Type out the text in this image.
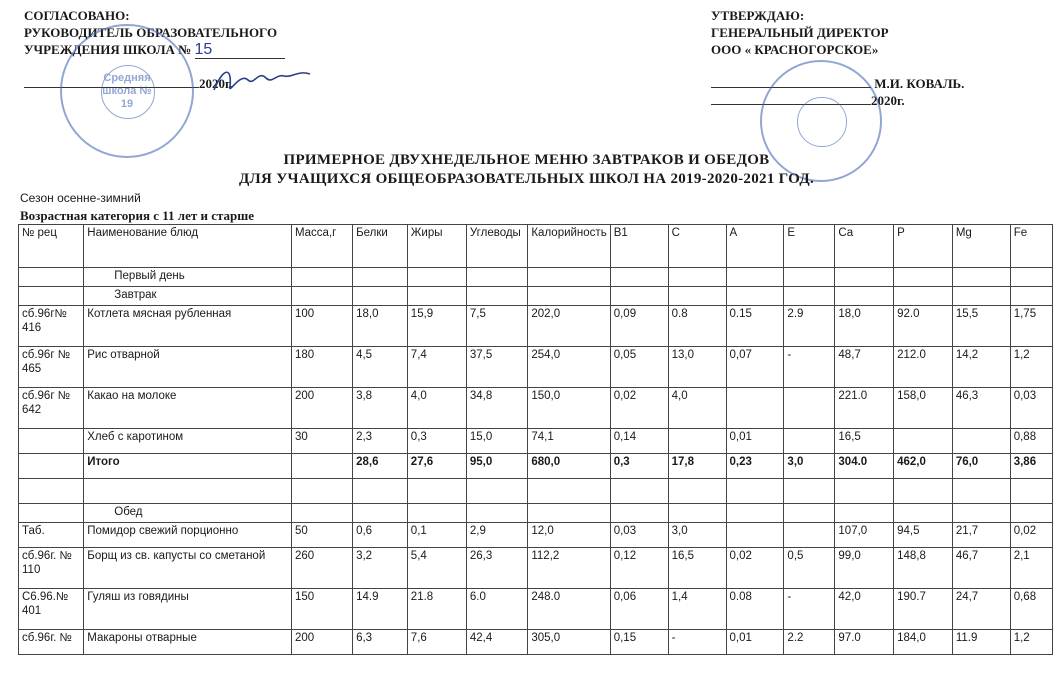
СОГЛАСОВАНО:
РУКОВОДИТЕЛЬ ОБРАЗОВАТЕЛЬНОГО
УЧРЕЖДЕНИЯ ШКОЛА № 15

2020г.
Средняя школа № 19
УТВЕРЖДАЮ:
ГЕНЕРАЛЬНЫЙ ДИРЕКТОР
ООО « КРАСНОГОРСКОЕ»

М.И. КОВАЛЬ.
2020г.
ПРИМЕРНОЕ ДВУХНЕДЕЛЬНОЕ МЕНЮ ЗАВТРАКОВ И ОБЕДОВ
ДЛЯ УЧАЩИХСЯ ОБЩЕОБРАЗОВАТЕЛЬНЫХ ШКОЛ НА 2019-2020-2021 ГОД.
Сезон осенне-зимний
Возрастная категория с 11 лет и старше
№ рец	Наименование блюд	Масса,г	Белки	Жиры	Углеводы	Калорийность	B1	C	A	E	Ca	P	Mg	Fe
	Первый день													
	Завтрак													
сб.96г№ 416	Котлета мясная рубленная	100	18,0	15,9	7,5	202,0	0,09	0.8	0.15	2.9	18,0	92.0	15,5	1,75
сб.96г № 465	Рис отварной	180	4,5	7,4	37,5	254,0	0,05	13,0	0,07	-	48,7	212.0	14,2	1,2
сб.96г № 642	Какао на молоке	200	3,8	4,0	34,8	150,0	0,02	4,0			221.0	158,0	46,3	0,03
	Хлеб с каротином	30	2,3	0,3	15,0	74,1	0,14		0,01		16,5			0,88
	Итого		28,6	27,6	95,0	680,0	0,3	17,8	0,23	3,0	304.0	462,0	76,0	3,86

	Обед													
Таб.	Помидор свежий порционно	50	0,6	0,1	2,9	12,0	0,03	3,0			107,0	94,5	21,7	0,02
сб.96г. № 110	Борщ из св. капусты со сметаной	260	3,2	5,4	26,3	112,2	0,12	16,5	0,02	0,5	99,0	148,8	46,7	2,1
С6.96.№ 401	Гуляш из говядины	150	14.9	21.8	6.0	248.0	0,06	1,4	0.08	-	42,0	190.7	24,7	0,68
сб.96г. №	Макароны отварные	200	6,3	7,6	42,4	305,0	0,15	-	0,01	2.2	97.0	184,0	11.9	1,2
